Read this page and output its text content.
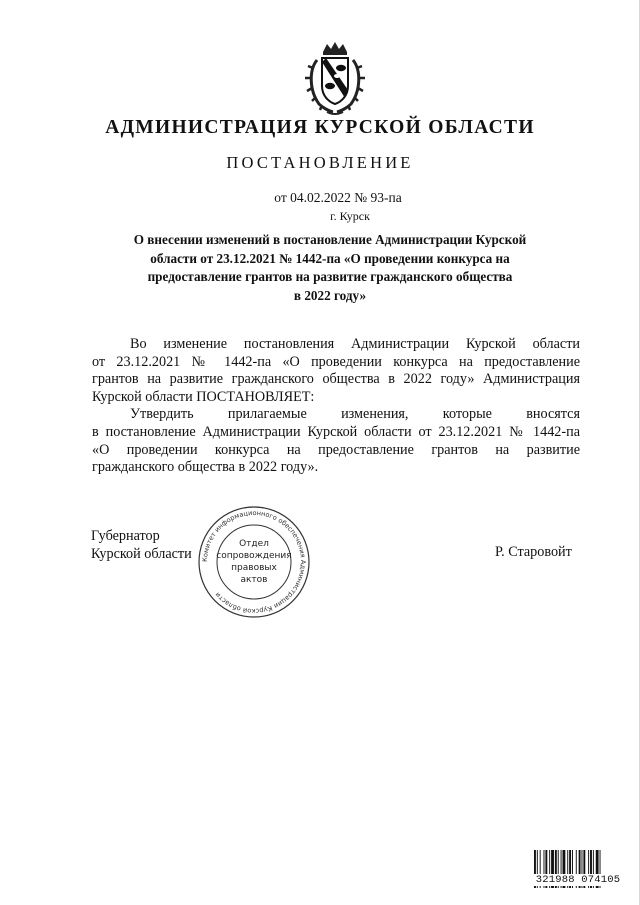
АДМИНИСТРАЦИЯ КУРСКОЙ ОБЛАСТИ
ПОСТАНОВЛЕНИЕ
от 04.02.2022 № 93-па
г. Курск
О внесении изменений в постановление Администрации Курской
области от 23.12.2021 № 1442-па «О проведении конкурса на
предоставление грантов на развитие гражданского общества
в 2022 году»
Во изменение постановления Администрации Курской области
от 23.12.2021 № 1442-па «О проведении конкурса на предоставление
грантов на развитие гражданского общества в 2022 году» Администрация
Курской области ПОСТАНОВЛЯЕТ:
Утвердить прилагаемые изменения, которые вносятся
в постановление Администрации Курской области от 23.12.2021 № 1442-па
«О проведении конкурса на предоставление грантов на развитие
гражданского общества в 2022 году».
Губернатор
Курской области	Р. Старовойт
Комитет информационного обеспечения Администрации Курской области
Отдел
сопровождения
правовых
актов
321988 074105
